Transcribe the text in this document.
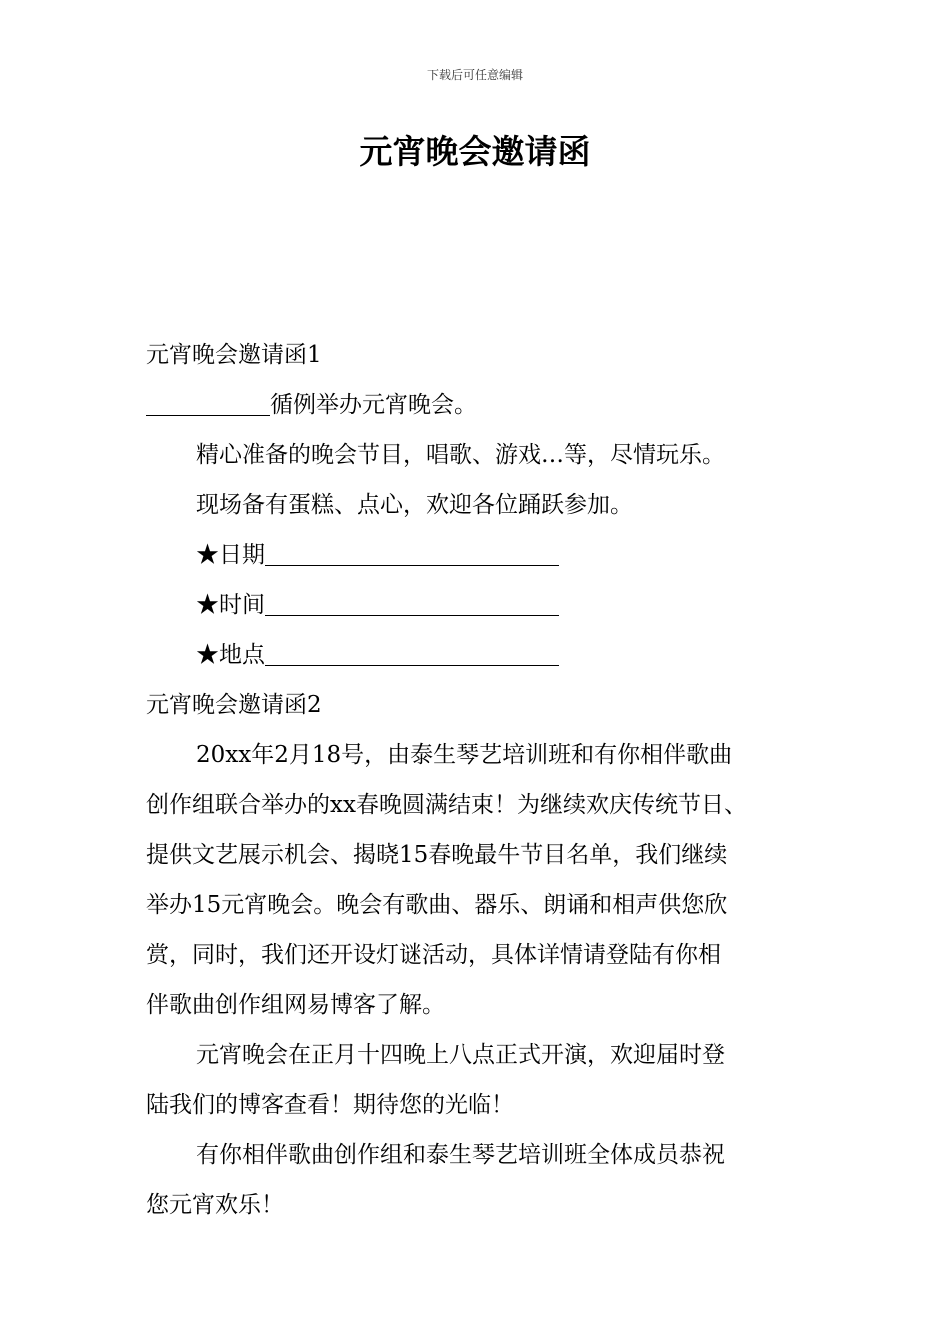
下载后可任意编辑
元宵晚会邀请函
元宵晚会邀请函1
循例举办元宵晚会。
精心准备的晚会节目，唱歌、游戏…等，尽情玩乐。
现场备有蛋糕、点心，欢迎各位踊跃参加。
★日期
★时间
★地点
元宵晚会邀请函2
20xx年2月18号，由泰生琴艺培训班和有你相伴歌曲
创作组联合举办的xx春晚圆满结束！为继续欢庆传统节日、
提供文艺展示机会、揭晓15春晚最牛节目名单，我们继续
举办15元宵晚会。晚会有歌曲、器乐、朗诵和相声供您欣
赏，同时，我们还开设灯谜活动，具体详情请登陆有你相
伴歌曲创作组网易博客了解。
元宵晚会在正月十四晚上八点正式开演，欢迎届时登
陆我们的博客查看！期待您的光临！
有你相伴歌曲创作组和泰生琴艺培训班全体成员恭祝
您元宵欢乐！
